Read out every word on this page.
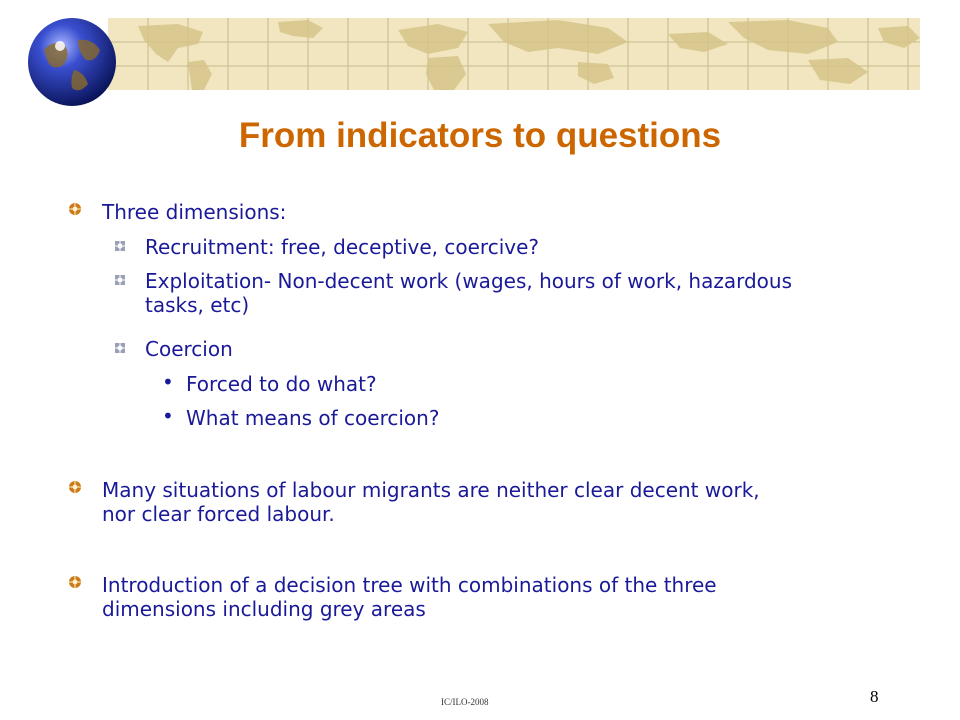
From indicators to questions
Three dimensions:
Recruitment: free, deceptive, coercive?
Exploitation- Non-decent work (wages, hours of work, hazardous
tasks, etc)
Coercion
• Forced to do what?
• What means of coercion?
Many situations of labour migrants are neither clear decent work,
nor clear forced labour.
Introduction of a decision tree with combinations of the three
dimensions including grey areas
IC/ILO-2008	8
